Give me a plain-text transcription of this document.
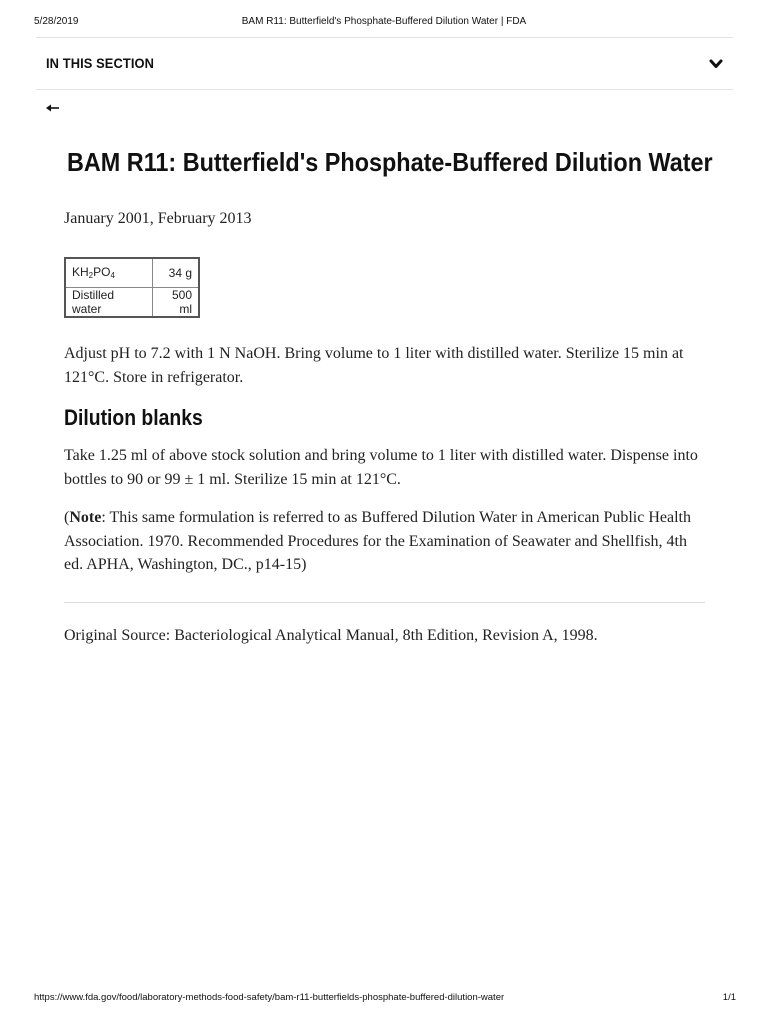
5/28/2019	BAM R11: Butterfield's Phosphate-Buffered Dilution Water | FDA
IN THIS SECTION
BAM R11: Butterfield's Phosphate-Buffered Dilution Water
January 2001, February 2013
$KH_2PO_4$	34 g
Distilled water	500 ml

Adjust pH to 7.2 with 1 N NaOH. Bring volume to 1 liter with distilled water. Sterilize 15 min at 121°C. Store in refrigerator.

Dilution blanks

Take 1.25 ml of above stock solution and bring volume to 1 liter with distilled water. Dispense into bottles to 90 or 99 ± 1 ml. Sterilize 15 min at 121°C.

(Note: This same formulation is referred to as Buffered Dilution Water in American Public Health Association. 1970. Recommended Procedures for the Examination of Seawater and Shellfish, 4th ed. APHA, Washington, DC., p14-15)

Original Source: Bacteriological Analytical Manual, 8th Edition, Revision A, 1998.
https://www.fda.gov/food/laboratory-methods-food-safety/bam-r11-butterfields-phosphate-buffered-dilution-water	1/1
